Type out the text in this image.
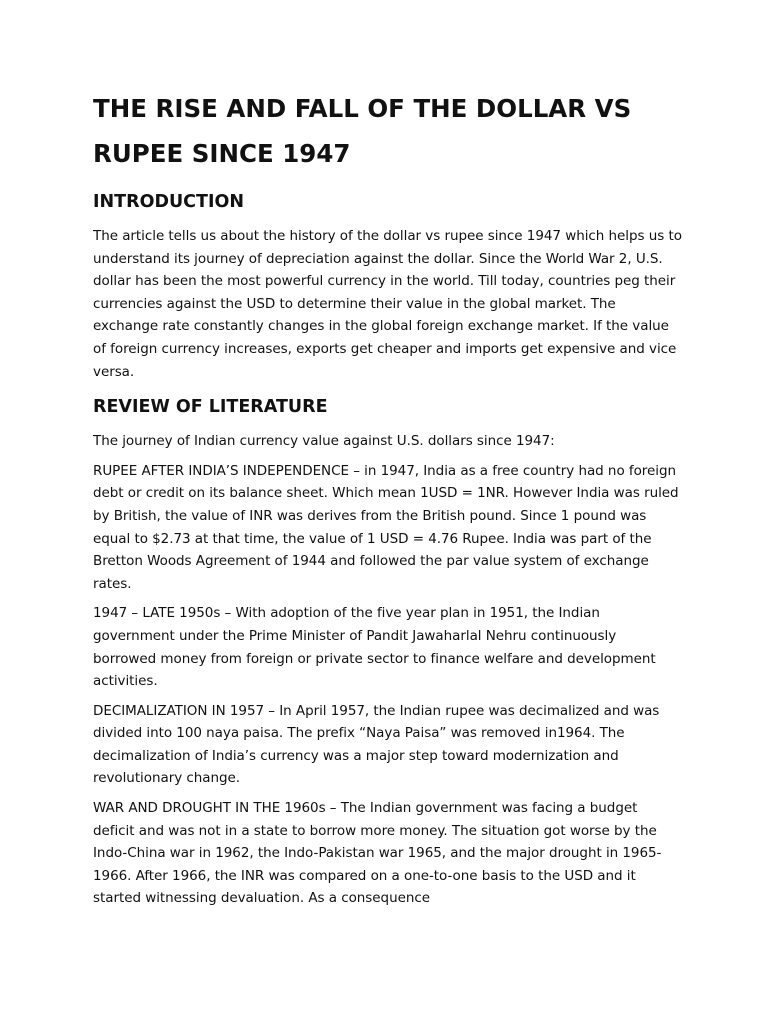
THE RISE AND FALL OF THE DOLLAR VS RUPEE SINCE 1947
INTRODUCTION

The article tells us about the history of the dollar vs rupee since 1947 which helps us to understand its journey of depreciation against the dollar. Since the World War 2, U.S. dollar has been the most powerful currency in the world. Till today, countries peg their currencies against the USD to determine their value in the global market. The exchange rate constantly changes in the global foreign exchange market. If the value of foreign currency increases, exports get cheaper and imports get expensive and vice versa.

REVIEW OF LITERATURE

The journey of Indian currency value against U.S. dollars since 1947:

RUPEE AFTER INDIA’S INDEPENDENCE – in 1947, India as a free country had no foreign debt or credit on its balance sheet. Which mean 1USD = 1NR. However India was ruled by British, the value of INR was derives from the British pound. Since 1 pound was equal to $2.73 at that time, the value of 1 USD = 4.76 Rupee. India was part of the Bretton Woods Agreement of 1944 and followed the par value system of exchange rates.

1947 – LATE 1950s – With adoption of the five year plan in 1951, the Indian government under the Prime Minister of Pandit Jawaharlal Nehru continuously borrowed money from foreign or private sector to finance welfare and development activities.

DECIMALIZATION IN 1957 – In April 1957, the Indian rupee was decimalized and was divided into 100 naya paisa. The prefix “Naya Paisa” was removed in1964. The decimalization of India’s currency was a major step toward modernization and revolutionary change.

WAR AND DROUGHT IN THE 1960s – The Indian government was facing a budget deficit and was not in a state to borrow more money. The situation got worse by the Indo-China war in 1962, the Indo-Pakistan war 1965, and the major drought in 1965-1966. After 1966, the INR was compared on a one-to-one basis to the USD and it started witnessing devaluation. As a consequence
